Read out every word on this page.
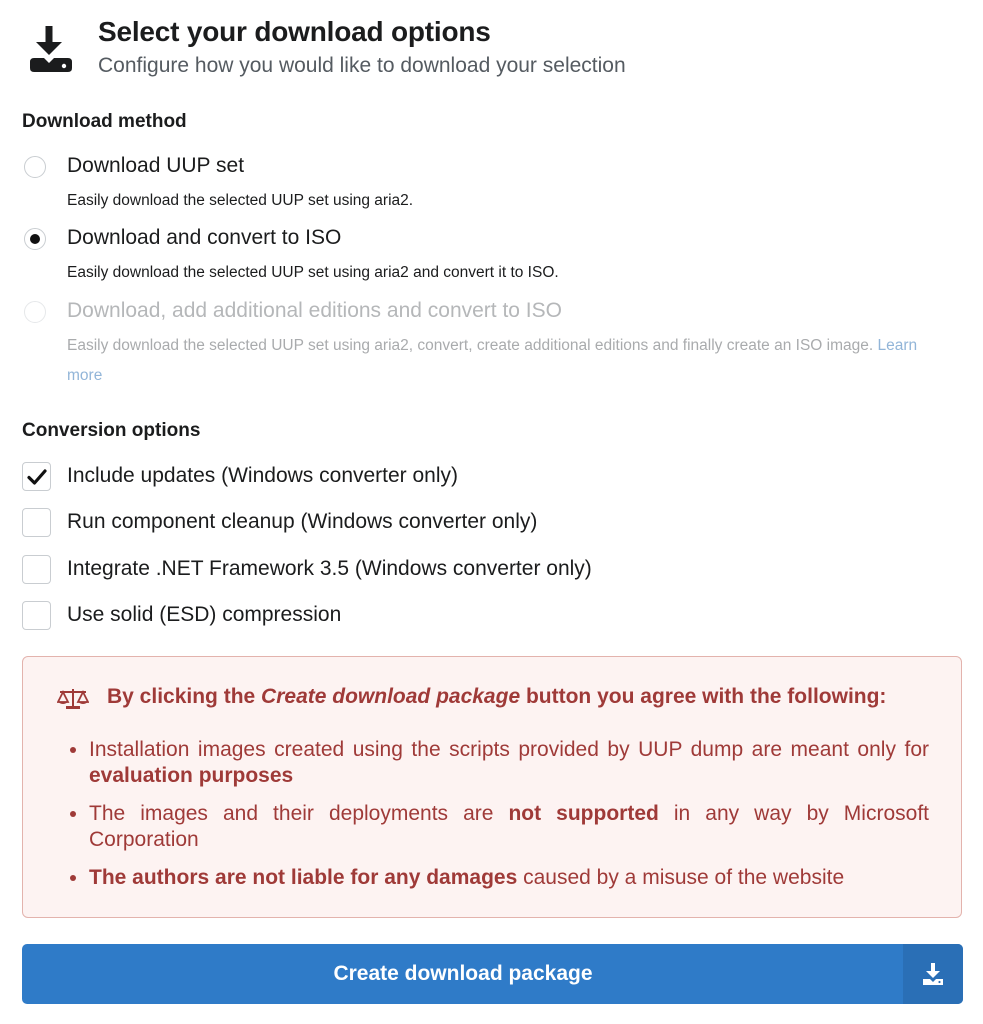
Select your download options

Configure how you would like to download your selection

Download method
Download UUP set
Easily download the selected UUP set using aria2.
Download and convert to ISO
Easily download the selected UUP set using aria2 and convert it to ISO.
Download, add additional editions and convert to ISO
Easily download the selected UUP set using aria2, convert, create additional editions and finally create an ISO image. Learn more
Conversion options
Include updates (Windows converter only)
Run component cleanup (Windows converter only)
Integrate .NET Framework 3.5 (Windows converter only)
Use solid (ESD) compression
By clicking the Create download package button you agree with the following:
• Installation images created using the scripts provided by UUP dump are meant only for evaluation purposes
• The images and their deployments are not supported in any way by Microsoft Corporation
• The authors are not liable for any damages caused by a misuse of the website
Create download package
